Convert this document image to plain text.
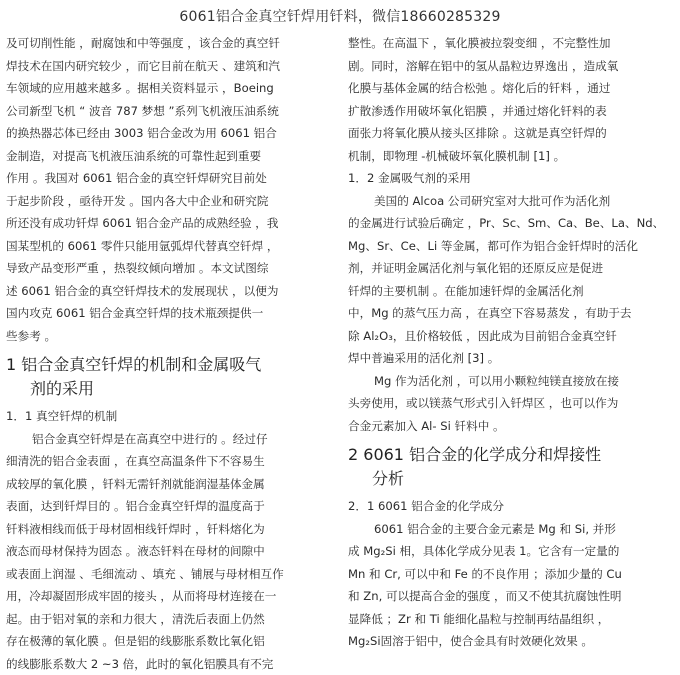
6061铝合金真空钎焊用钎料，微信18660285329
及可切削性能 ，耐腐蚀和中等强度 ，该合金的真空钎
焊技术在国内研究较少 ，而它目前在航天 、建筑和汽
车领域的应用越来越多 。据相关资料显示 ，Boeing
公司新型飞机 “ 波音 787 梦想 ”系列飞机液压油系统
的换热器芯体已经由 3003 铝合金改为用 6061 铝合
金制造，对提高飞机液压油系统的可靠性起到重要
作用 。我国对 6061 铝合金的真空钎焊研究目前处
于起步阶段 ，亟待开发 。国内各大中企业和研究院
所还没有成功钎焊 6061 铝合金产品的成熟经验 ，我
国某型机的 6061 零件只能用氩弧焊代替真空钎焊 ，
导致产品变形严重 ，热裂纹倾向增加 。本文试图综
述 6061 铝合金的真空钎焊技术的发展现状 ，以便为
国内攻克 6061 铝合金真空钎焊的技术瓶颈提供一
些参考 。
1 铝合金真空钎焊的机制和金属吸气
剂的采用
1．1 真空钎焊的机制
铝合金真空钎焊是在高真空中进行的 。经过仔
细清洗的铝合金表面 ，在真空高温条件下不容易生
成较厚的氧化膜 ，钎料无需钎剂就能润湿基体金属
表面，达到钎焊目的 。铝合金真空钎焊的温度高于
钎料液相线而低于母材固相线钎焊时 ，钎料熔化为
液态而母材保持为固态 。液态钎料在母材的间隙中
或表面上润湿 、毛细流动 、填充 、铺展与母材相互作
用，冷却凝固形成牢固的接头 ，从而将母材连接在一
起。由于铝对氧的亲和力很大 ，清洗后表面上仍然
存在极薄的氧化膜 。但是铝的线膨胀系数比氧化铝
的线膨胀系数大 2 ~3 倍，此时的氧化铝膜具有不完
整性。在高温下 ，氧化膜被拉裂变细 ，不完整性加
剧。同时，溶解在铝中的氢从晶粒边界逸出 ，造成氧
化膜与基体金属的结合松弛 。熔化后的钎料 ，通过
扩散渗透作用破坏氧化铝膜 ，并通过熔化钎料的表
面张力将氧化膜从接头区排除 。这就是真空钎焊的
机制，即物理 -机械破坏氧化膜机制 [1] 。
1．2 金属吸气剂的采用
美国的 Alcoa 公司研究室对大批可作为活化剂
的金属进行试验后确定 ，Pr、Sc、Sm、Ca、Be、La、Nd、
Mg、Sr、Ce、Li 等金属，都可作为铝合金钎焊时的活化
剂，并证明金属活化剂与氧化铝的还原反应是促进
钎焊的主要机制 。在能加速钎焊的金属活化剂
中，Mg 的蒸气压力高 ，在真空下容易蒸发 ，有助于去
除 Al₂O₃，且价格较低 ，因此成为目前铝合金真空钎
焊中普遍采用的活化剂 [3] 。
Mg 作为活化剂 ，可以用小颗粒纯镁直接放在接
头旁使用，或以镁蒸气形式引入钎焊区 ，也可以作为
合金元素加入 Al- Si 钎料中 。
2 6061 铝合金的化学成分和焊接性
分析
2．1 6061 铝合金的化学成分
6061 铝合金的主要合金元素是 Mg 和 Si, 并形
成 Mg₂Si 相，具体化学成分见表 1。它含有一定量的
Mn 和 Cr, 可以中和 Fe 的不良作用 ；添加少量的 Cu
和 Zn, 可以提高合金的强度 ，而又不使其抗腐蚀性明
显降低 ；Zr 和 Ti 能细化晶粒与控制再结晶组织 ，
Mg₂Si固溶于铝中，使合金具有时效硬化效果 。
